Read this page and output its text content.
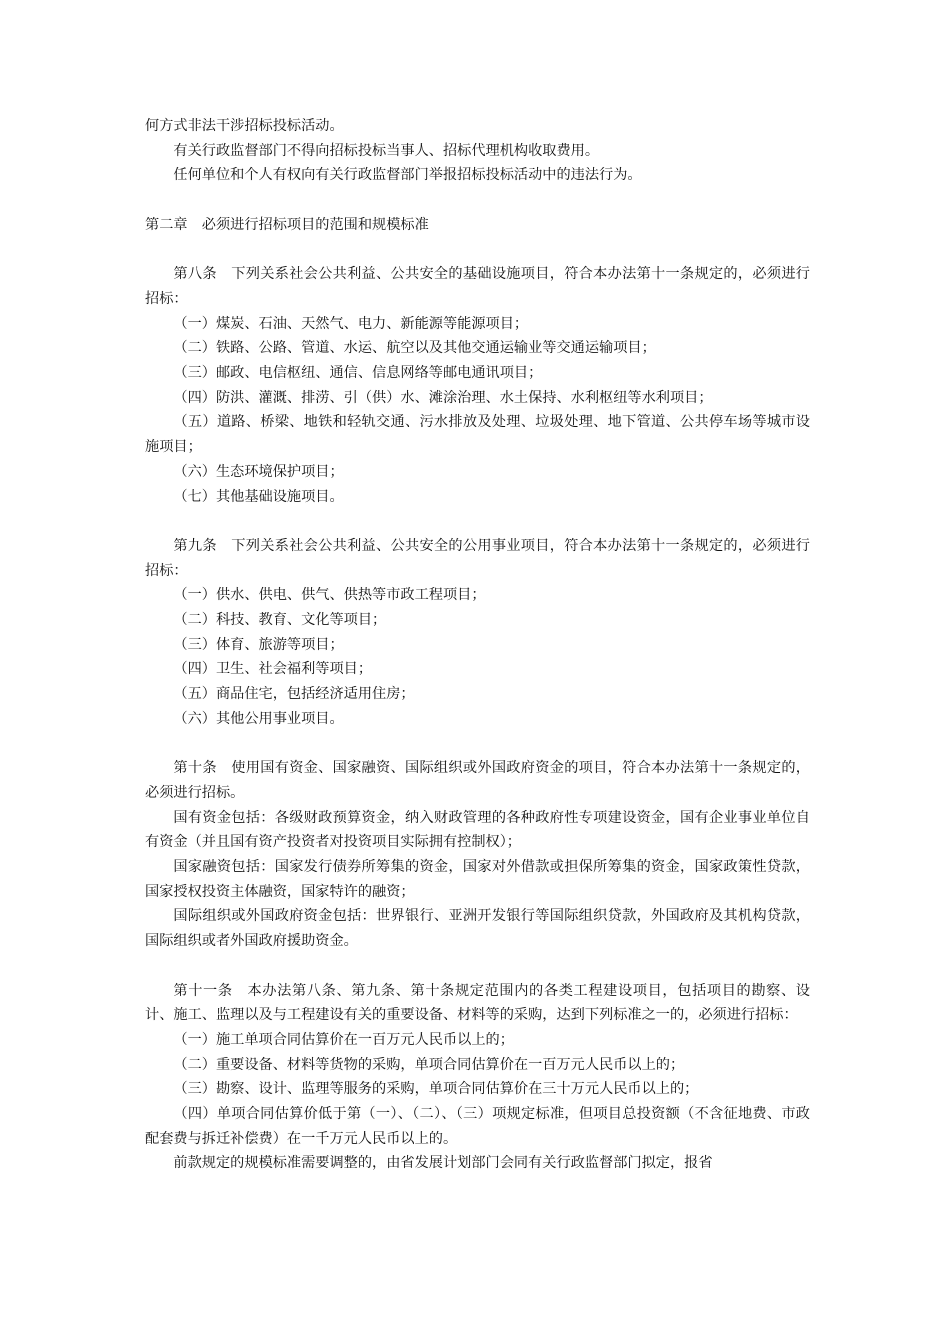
何方式非法干涉招标投标活动。

有关行政监督部门不得向招标投标当事人、招标代理机构收取费用。

任何单位和个人有权向有关行政监督部门举报招标投标活动中的违法行为。

第二章　必须进行招标项目的范围和规模标准

第八条　下列关系社会公共利益、公共安全的基础设施项目，符合本办法第十一条规定的，必须进行招标：

（一）煤炭、石油、天然气、电力、新能源等能源项目；

（二）铁路、公路、管道、水运、航空以及其他交通运输业等交通运输项目；

（三）邮政、电信枢纽、通信、信息网络等邮电通讯项目；

（四）防洪、灌溉、排涝、引（供）水、滩涂治理、水土保持、水利枢纽等水利项目；

（五）道路、桥梁、地铁和轻轨交通、污水排放及处理、垃圾处理、地下管道、公共停车场等城市设施项目；

（六）生态环境保护项目；

（七）其他基础设施项目。

第九条　下列关系社会公共利益、公共安全的公用事业项目，符合本办法第十一条规定的，必须进行招标：

（一）供水、供电、供气、供热等市政工程项目；

（二）科技、教育、文化等项目；

（三）体育、旅游等项目；

（四）卫生、社会福利等项目；

（五）商品住宅，包括经济适用住房；

（六）其他公用事业项目。

第十条　使用国有资金、国家融资、国际组织或外国政府资金的项目，符合本办法第十一条规定的，必须进行招标。

国有资金包括：各级财政预算资金，纳入财政管理的各种政府性专项建设资金，国有企业事业单位自有资金（并且国有资产投资者对投资项目实际拥有控制权）；

国家融资包括：国家发行债券所筹集的资金，国家对外借款或担保所筹集的资金，国家政策性贷款，国家授权投资主体融资，国家特许的融资；

国际组织或外国政府资金包括：世界银行、亚洲开发银行等国际组织贷款，外国政府及其机构贷款，国际组织或者外国政府援助资金。

第十一条　本办法第八条、第九条、第十条规定范围内的各类工程建设项目，包括项目的勘察、设计、施工、监理以及与工程建设有关的重要设备、材料等的采购，达到下列标准之一的，必须进行招标：

（一）施工单项合同估算价在一百万元人民币以上的；

（二）重要设备、材料等货物的采购，单项合同估算价在一百万元人民币以上的；

（三）勘察、设计、监理等服务的采购，单项合同估算价在三十万元人民币以上的；

（四）单项合同估算价低于第（一）、（二）、（三）项规定标准，但项目总投资额（不含征地费、市政配套费与拆迁补偿费）在一千万元人民币以上的。

前款规定的规模标准需要调整的，由省发展计划部门会同有关行政监督部门拟定，报省
